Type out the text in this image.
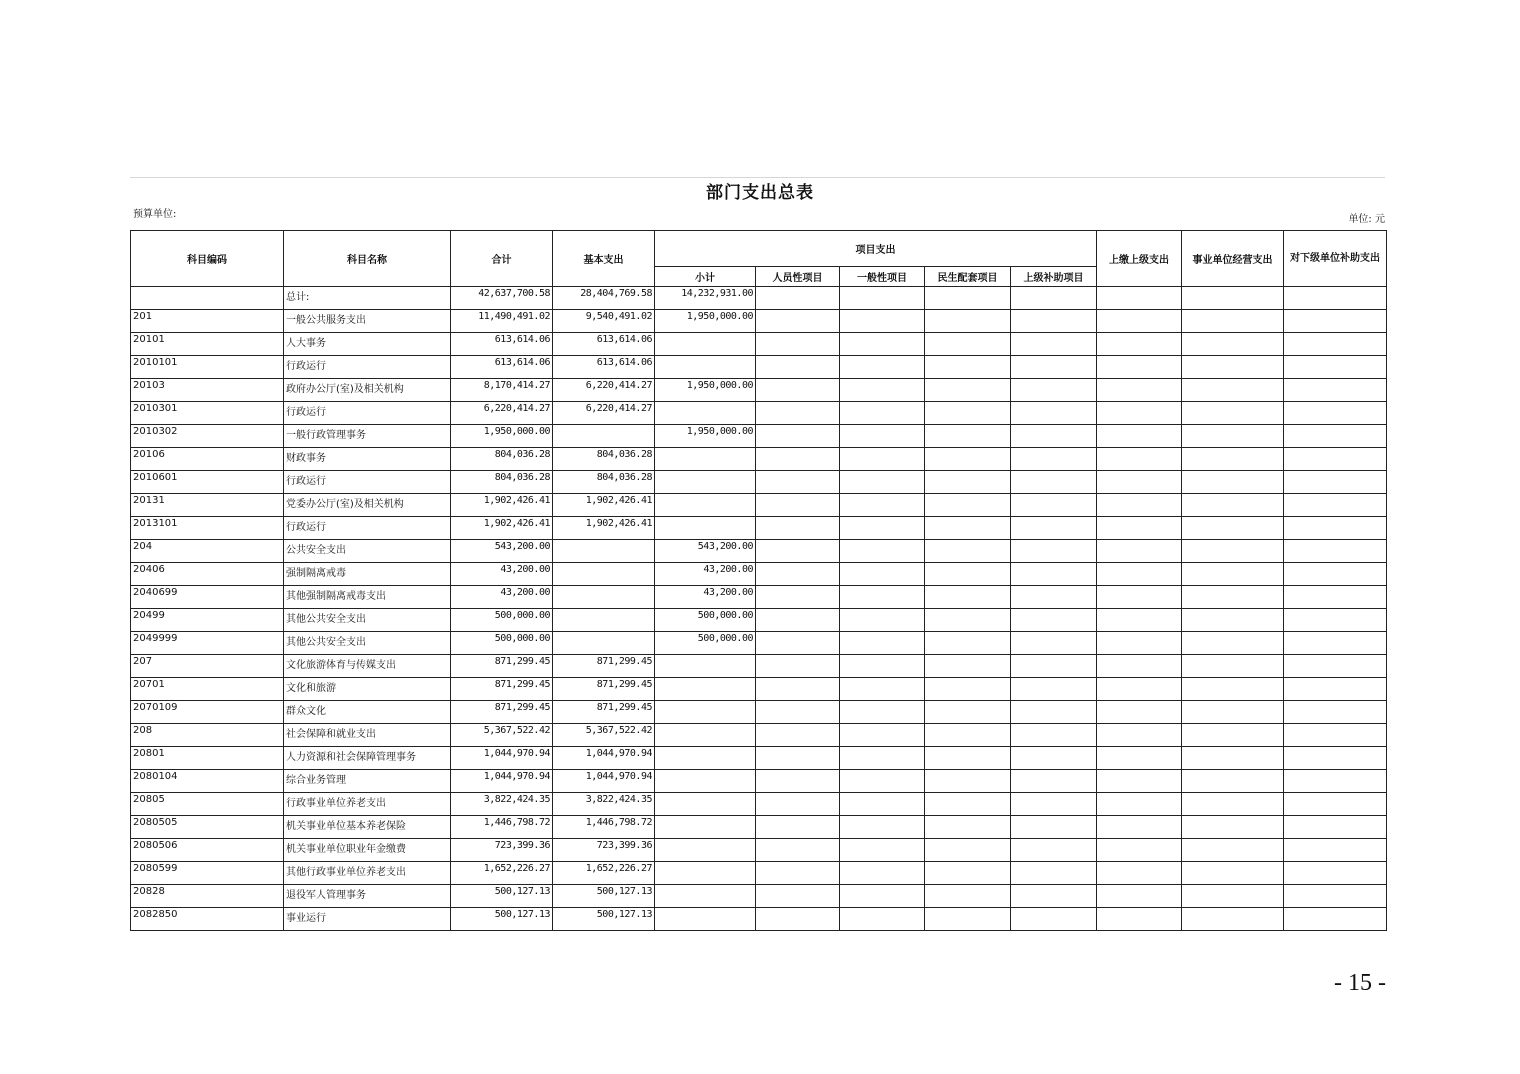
部门支出总表
预算单位:	单位: 元
科目编码	科目名称	合计	基本支出	项目支出					上缴上级支出	事业单位经营支出	对下级单位补助支出
				小计	人员性项目	一般性项目	民生配套项目	上级补助项目			
	总计:	42,637,700.58	28,404,769.58	14,232,931.00							
201	一般公共服务支出	11,490,491.02	9,540,491.02	1,950,000.00							
20101	人大事务	613,614.06	613,614.06								
2010101	行政运行	613,614.06	613,614.06								
20103	政府办公厅(室)及相关机构	8,170,414.27	6,220,414.27	1,950,000.00							
2010301	行政运行	6,220,414.27	6,220,414.27								
2010302	一般行政管理事务	1,950,000.00		1,950,000.00							
20106	财政事务	804,036.28	804,036.28								
2010601	行政运行	804,036.28	804,036.28								
20131	党委办公厅(室)及相关机构	1,902,426.41	1,902,426.41								
2013101	行政运行	1,902,426.41	1,902,426.41								
204	公共安全支出	543,200.00		543,200.00							
20406	强制隔离戒毒	43,200.00		43,200.00							
2040699	其他强制隔离戒毒支出	43,200.00		43,200.00							
20499	其他公共安全支出	500,000.00		500,000.00							
2049999	其他公共安全支出	500,000.00		500,000.00							
207	文化旅游体育与传媒支出	871,299.45	871,299.45								
20701	文化和旅游	871,299.45	871,299.45								
2070109	群众文化	871,299.45	871,299.45								
208	社会保障和就业支出	5,367,522.42	5,367,522.42								
20801	人力资源和社会保障管理事务	1,044,970.94	1,044,970.94								
2080104	综合业务管理	1,044,970.94	1,044,970.94								
20805	行政事业单位养老支出	3,822,424.35	3,822,424.35								
2080505	机关事业单位基本养老保险	1,446,798.72	1,446,798.72								
2080506	机关事业单位职业年金缴费	723,399.36	723,399.36								
2080599	其他行政事业单位养老支出	1,652,226.27	1,652,226.27								
20828	退役军人管理事务	500,127.13	500,127.13								
2082850	事业运行	500,127.13	500,127.13								
- 15 -
